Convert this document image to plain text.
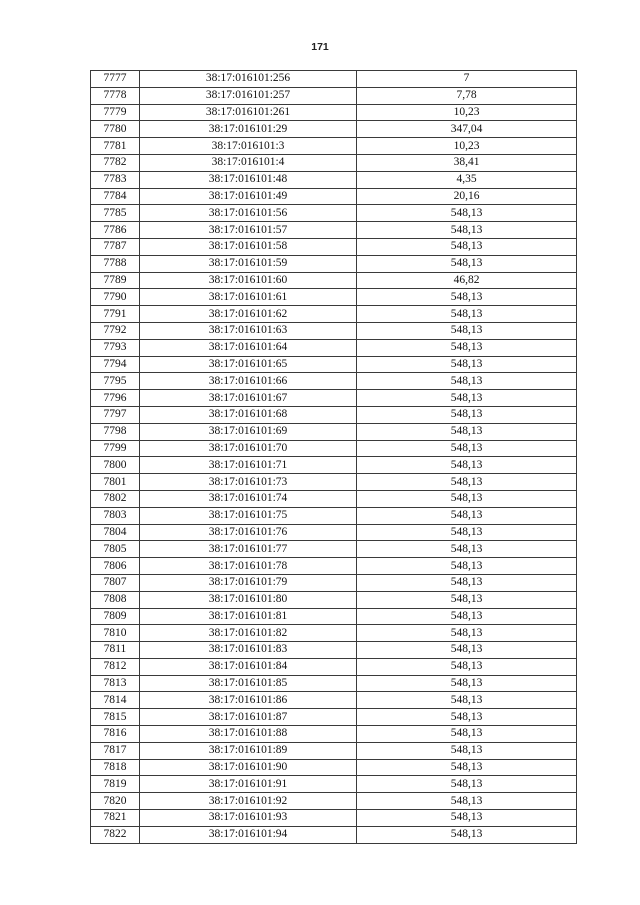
171
7777	38:17:016101:256	7
7778	38:17:016101:257	7,78
7779	38:17:016101:261	10,23
7780	38:17:016101:29	347,04
7781	38:17:016101:3	10,23
7782	38:17:016101:4	38,41
7783	38:17:016101:48	4,35
7784	38:17:016101:49	20,16
7785	38:17:016101:56	548,13
7786	38:17:016101:57	548,13
7787	38:17:016101:58	548,13
7788	38:17:016101:59	548,13
7789	38:17:016101:60	46,82
7790	38:17:016101:61	548,13
7791	38:17:016101:62	548,13
7792	38:17:016101:63	548,13
7793	38:17:016101:64	548,13
7794	38:17:016101:65	548,13
7795	38:17:016101:66	548,13
7796	38:17:016101:67	548,13
7797	38:17:016101:68	548,13
7798	38:17:016101:69	548,13
7799	38:17:016101:70	548,13
7800	38:17:016101:71	548,13
7801	38:17:016101:73	548,13
7802	38:17:016101:74	548,13
7803	38:17:016101:75	548,13
7804	38:17:016101:76	548,13
7805	38:17:016101:77	548,13
7806	38:17:016101:78	548,13
7807	38:17:016101:79	548,13
7808	38:17:016101:80	548,13
7809	38:17:016101:81	548,13
7810	38:17:016101:82	548,13
7811	38:17:016101:83	548,13
7812	38:17:016101:84	548,13
7813	38:17:016101:85	548,13
7814	38:17:016101:86	548,13
7815	38:17:016101:87	548,13
7816	38:17:016101:88	548,13
7817	38:17:016101:89	548,13
7818	38:17:016101:90	548,13
7819	38:17:016101:91	548,13
7820	38:17:016101:92	548,13
7821	38:17:016101:93	548,13
7822	38:17:016101:94	548,13
